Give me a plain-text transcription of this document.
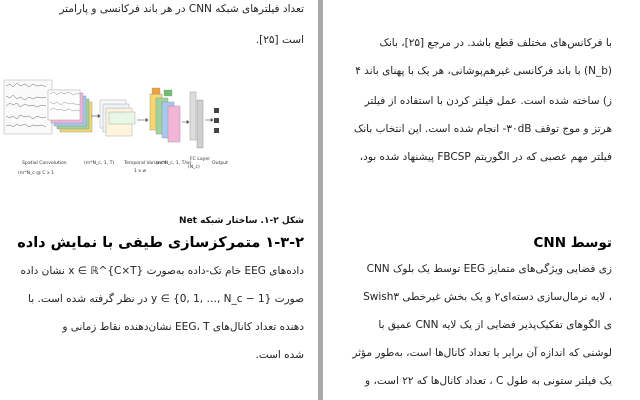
تعداد فیلترهای شبکه CNN در هر باند فرکانسی و پارامتر
است [۲۵].
Spatial Convolution
(m*N_c @ C x 1
(m*N_c, 1, T) Temporal Variance
1 x w
(m*N_c, 1, T/w)
FC Layer
(N_c)
Output
شکل ۲-۱. ساختار شبکه Net
۱-۳-۲ متمرکزسازی طیفی با نمایش داده
داده‌های EEG خام تک-داده به‌صورت x ∈ ℝ^{C×T} نشان داده
صورت y ∈ {0, 1, …, N_c − 1} در نظر گرفته شده است. با
دهنده تعداد کانال‌های EEG، T نشان‌دهنده نقاط زمانی و
شده است.
با فرکانس‌های مختلف قطع باشد. در مرجع [۲۵]، بانک
(N_b) با باند فرکانسی غیرهم‌پوشانی، هر یک با پهنای باند ۴
ز) ساخته شده است. عمل فیلتر کردن با استفاده از فیلتر
هرتز و موج توقف ۳۰dB- انجام شده است. این انتخاب بانک
فیلتر مهم عصبی که در الگوریتم FBCSP پیشنهاد شده بود،
توسط CNN
زی فضایی ویژگی‌های متمایز EEG توسط یک بلوک CNN
، لایه نرمال‌سازی دسته‌ای۲ و یک بخش غیرخطی Swish۳
ی الگوهای تفکیک‌پذیر فضایی از یک لایه CNN عمیق با
لوشنی که اندازه آن برابر با تعداد کانال‌ها است، به‌طور مؤثر
یک فیلتر ستونی به طول C ، تعداد کانال‌ها که ۲۲ است، و
